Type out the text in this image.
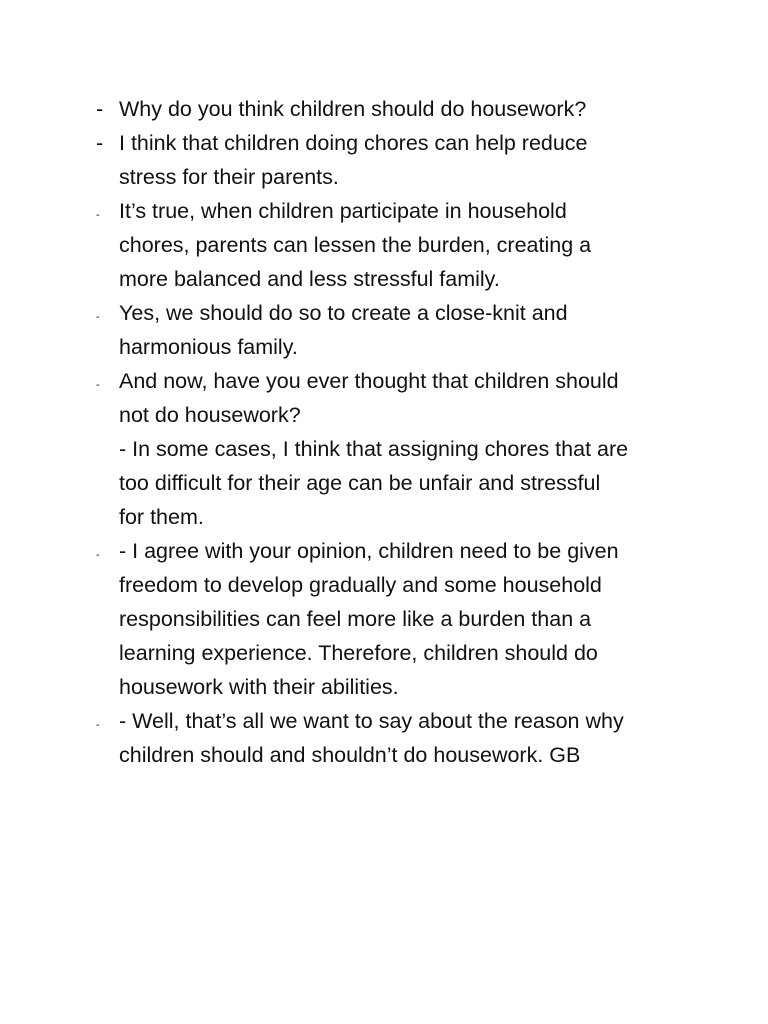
- Why do you think children should do housework?
- I think that children doing chores can help reduce
stress for their parents.
- It’s true, when children participate in household
chores, parents can lessen the burden, creating a
more balanced and less stressful family.
- Yes, we should do so to create a close-knit and
harmonious family.
- And now, have you ever thought that children should
not do housework?
- In some cases, I think that assigning chores that are
too difficult for their age can be unfair and stressful
for them.
- - I agree with your opinion, children need to be given
freedom to develop gradually and some household
responsibilities can feel more like a burden than a
learning experience. Therefore, children should do
housework with their abilities.
- - Well, that’s all we want to say about the reason why
children should and shouldn’t do housework. GB
